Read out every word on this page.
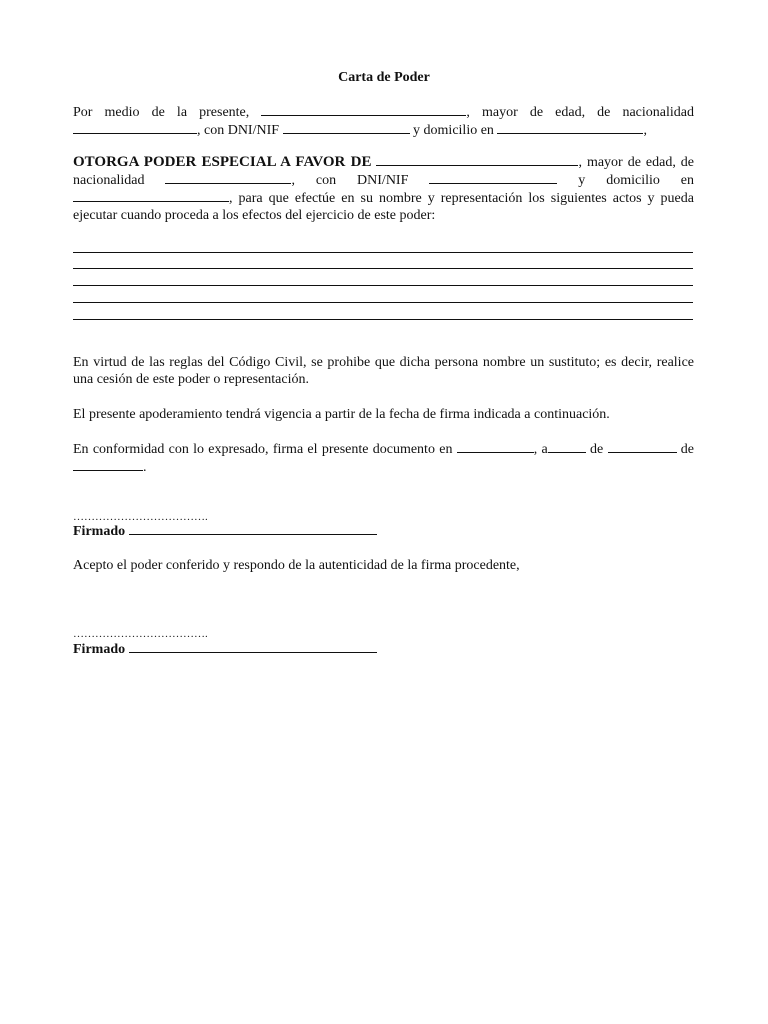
Carta de Poder
Por medio de la presente,	, mayor de edad, de nacionalidad , con DNI/NIF	y domicilio en	,
OTORGA PODER ESPECIAL A FAVOR DE	, mayor de edad, de nacionalidad	, con DNI/NIF	y domicilio en , para que efectúe en su nombre y representación los siguientes actos y pueda ejecutar cuando proceda a los efectos del ejercicio de este poder:
En virtud de las reglas del Código Civil, se prohibe que dicha persona nombre un sustituto; es decir, realice una cesión de este poder o representación.
El presente apoderamiento tendrá vigencia a partir de la fecha de firma indicada a continuación.
En conformidad con lo expresado, firma el presente documento en	, a	de	de .
……………………………….
Firmado
Acepto el poder conferido y respondo de la autenticidad de la firma procedente,
……………………………….
Firmado
